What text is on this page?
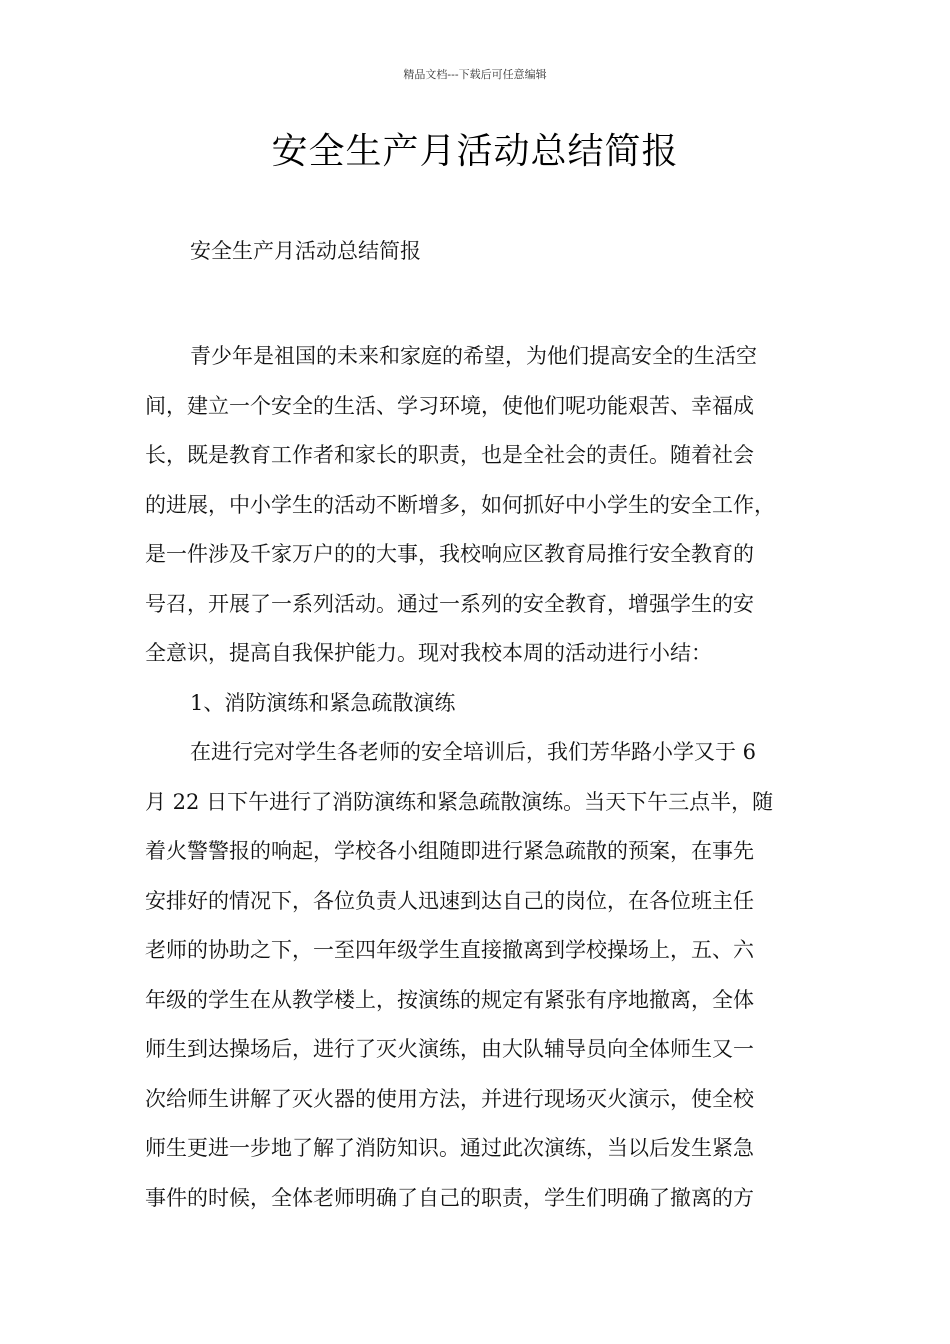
精品文档---下载后可任意编辑
安全生产月活动总结简报
安全生产月活动总结简报
青少年是祖国的未来和家庭的希望，为他们提高安全的生活空
间，建立一个安全的生活、学习环境，使他们呢功能艰苦、幸福成
长，既是教育工作者和家长的职责，也是全社会的责任。随着社会
的进展，中小学生的活动不断增多，如何抓好中小学生的安全工作，
是一件涉及千家万户的的大事，我校响应区教育局推行安全教育的
号召，开展了一系列活动。通过一系列的安全教育，增强学生的安
全意识，提高自我保护能力。现对我校本周的活动进行小结：
1、消防演练和紧急疏散演练
在进行完对学生各老师的安全培训后，我们芳华路小学又于 6
月 22 日下午进行了消防演练和紧急疏散演练。当天下午三点半，随
着火警警报的响起，学校各小组随即进行紧急疏散的预案，在事先
安排好的情况下，各位负责人迅速到达自己的岗位，在各位班主任
老师的协助之下，一至四年级学生直接撤离到学校操场上，五、六
年级的学生在从教学楼上，按演练的规定有紧张有序地撤离，全体
师生到达操场后，进行了灭火演练，由大队辅导员向全体师生又一
次给师生讲解了灭火器的使用方法，并进行现场灭火演示，使全校
师生更进一步地了解了消防知识。通过此次演练，当以后发生紧急
事件的时候，全体老师明确了自己的职责，学生们明确了撤离的方
